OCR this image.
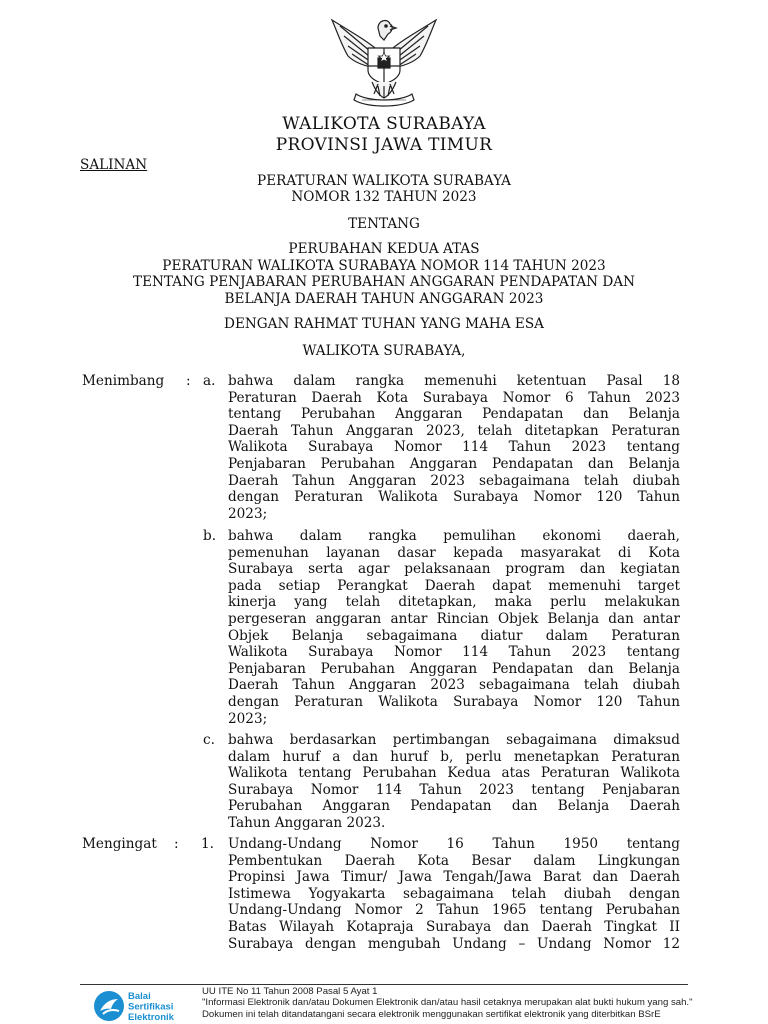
WALIKOTA SURABAYA
PROVINSI JAWA TIMUR
SALINAN
PERATURAN WALIKOTA SURABAYA
NOMOR 132 TAHUN 2023
TENTANG
PERUBAHAN KEDUA ATAS
PERATURAN WALIKOTA SURABAYA NOMOR 114 TAHUN 2023
TENTANG PENJABARAN PERUBAHAN ANGGARAN PENDAPATAN DAN
BELANJA DAERAH TAHUN ANGGARAN 2023
DENGAN RAHMAT TUHAN YANG MAHA ESA
WALIKOTA SURABAYA,
Menimbang : a. bahwa dalam rangka memenuhi ketentuan Pasal 18
Peraturan Daerah Kota Surabaya Nomor 6 Tahun 2023
tentang Perubahan Anggaran Pendapatan dan Belanja
Daerah Tahun Anggaran 2023, telah ditetapkan Peraturan
Walikota Surabaya Nomor 114 Tahun 2023 tentang
Penjabaran Perubahan Anggaran Pendapatan dan Belanja
Daerah Tahun Anggaran 2023 sebagaimana telah diubah
dengan Peraturan Walikota Surabaya Nomor 120 Tahun
2023;
b. bahwa dalam rangka pemulihan ekonomi daerah,
pemenuhan layanan dasar kepada masyarakat di Kota
Surabaya serta agar pelaksanaan program dan kegiatan
pada setiap Perangkat Daerah dapat memenuhi target
kinerja yang telah ditetapkan, maka perlu melakukan
pergeseran anggaran antar Rincian Objek Belanja dan antar
Objek Belanja sebagaimana diatur dalam Peraturan
Walikota Surabaya Nomor 114 Tahun 2023 tentang
Penjabaran Perubahan Anggaran Pendapatan dan Belanja
Daerah Tahun Anggaran 2023 sebagaimana telah diubah
dengan Peraturan Walikota Surabaya Nomor 120 Tahun
2023;
c. bahwa berdasarkan pertimbangan sebagaimana dimaksud
dalam huruf a dan huruf b, perlu menetapkan Peraturan
Walikota tentang Perubahan Kedua atas Peraturan Walikota
Surabaya Nomor 114 Tahun 2023 tentang Penjabaran
Perubahan Anggaran Pendapatan dan Belanja Daerah
Tahun Anggaran 2023.
Mengingat : 1. Undang-Undang Nomor 16 Tahun 1950 tentang
Pembentukan Daerah Kota Besar dalam Lingkungan
Propinsi Jawa Timur/ Jawa Tengah/Jawa Barat dan Daerah
Istimewa Yogyakarta sebagaimana telah diubah dengan
Undang-Undang Nomor 2 Tahun 1965 tentang Perubahan
Batas Wilayah Kotapraja Surabaya dan Daerah Tingkat II
Surabaya dengan mengubah Undang – Undang Nomor 12
Balai
Sertifikasi
Elektronik
UU ITE No 11 Tahun 2008 Pasal 5 Ayat 1
"Informasi Elektronik dan/atau Dokumen Elektronik dan/atau hasil cetaknya merupakan alat bukti hukum yang sah."
Dokumen ini telah ditandatangani secara elektronik menggunakan sertifikat elektronik yang diterbitkan BSrE
